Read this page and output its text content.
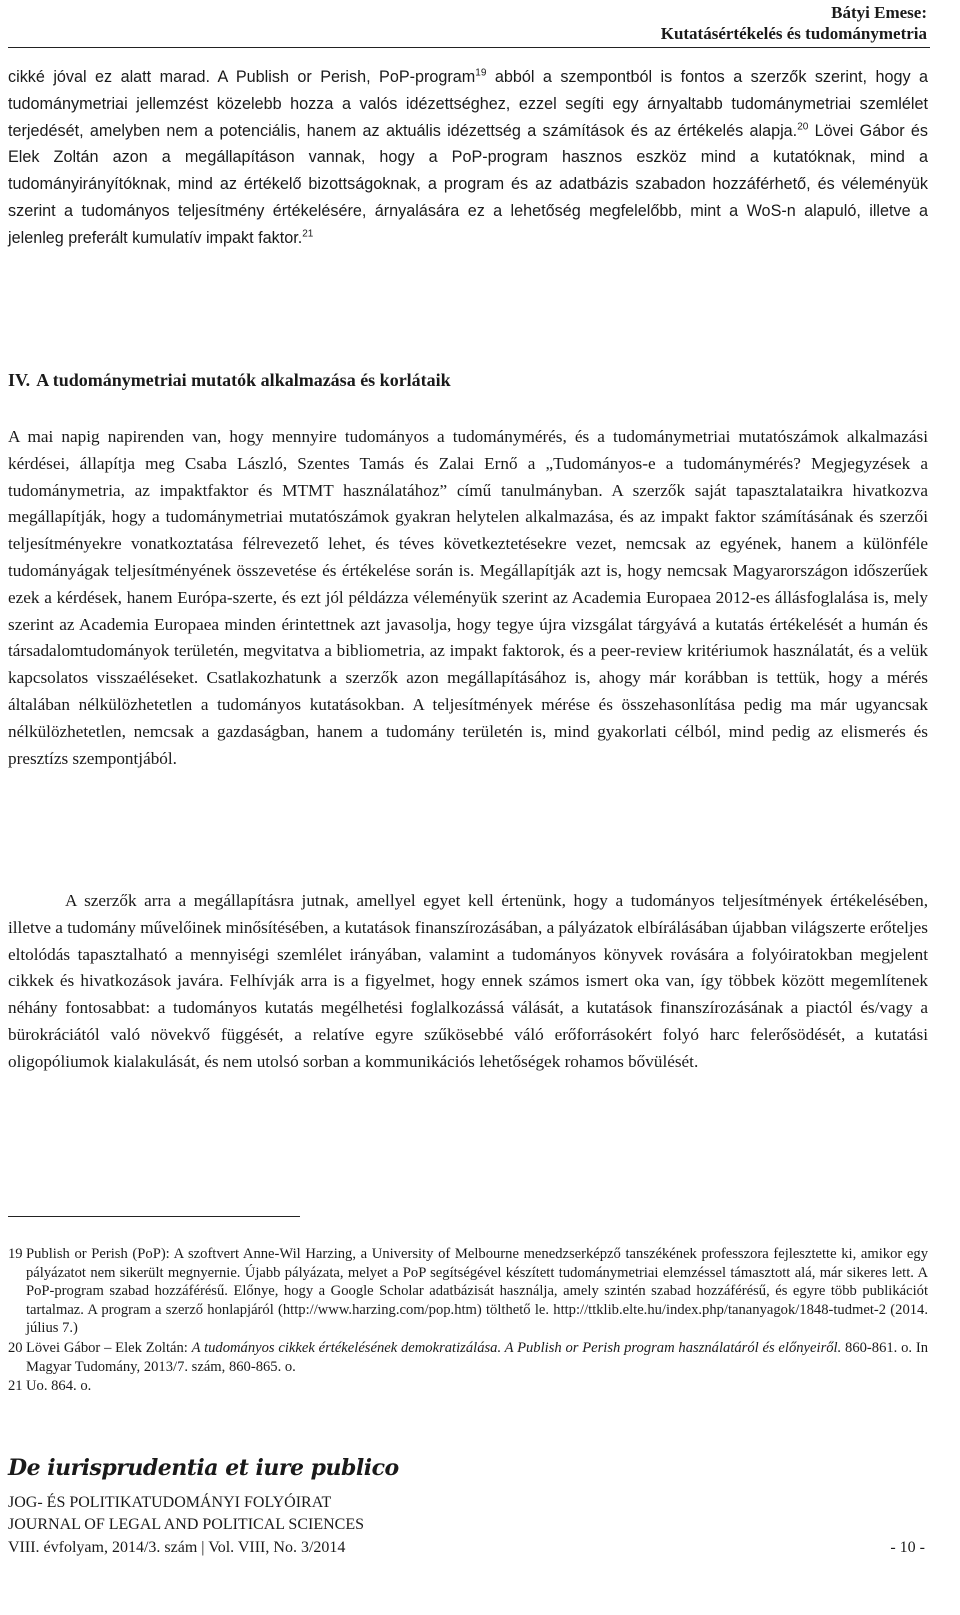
Bátyi Emese:
Kutatásértékelés és tudománymetria
cikké jóval ez alatt marad. A Publish or Perish, PoP-program$^{19}$ abból a szempontból is fontos a szerzők szerint, hogy a tudománymetriai jellemzést közelebb hozza a valós idézettséghez, ezzel segíti egy árnyaltabb tudománymetriai szemlélet terjedését, amelyben nem a potenciális, hanem az aktuális idézettség a számítások és az értékelés alapja.$^{20}$ Lövei Gábor és Elek Zoltán azon a megállapításon vannak, hogy a PoP-program hasznos eszköz mind a kutatóknak, mind a tudományirányítóknak, mind az értékelő bizottságoknak, a program és az adatbázis szabadon hozzáférhető, és véleményük szerint a tudományos teljesítmény értékelésére, árnyalására ez a lehetőség megfelelőbb, mint a WoS-n alapuló, illetve a jelenleg preferált kumulatív impakt faktor.$^{21}$
IV. A tudománymetriai mutatók alkalmazása és korlátaik

A mai napig napirenden van, hogy mennyire tudományos a tudománymérés, és a tudománymetriai mutatószámok alkalmazási kérdései, állapítja meg Csaba László, Szentes Tamás és Zalai Ernő a „Tudományos-e a tudománymérés? Megjegyzések a tudománymetria, az impaktfaktor és MTMT használatához” című tanulmányban. A szerzők saját tapasztalataikra hivatkozva megállapítják, hogy a tudománymetriai mutatószámok gyakran helytelen alkalmazása, és az impakt faktor számításának és szerzői teljesítményekre vonatkoztatása félrevezető lehet, és téves következtetésekre vezet, nemcsak az egyének, hanem a különféle tudományágak teljesítményének összevetése és értékelése során is. Megállapítják azt is, hogy nemcsak Magyarországon időszerűek ezek a kérdések, hanem Európa-szerte, és ezt jól példázza véleményük szerint az Academia Europaea 2012-es állásfoglalása is, mely szerint az Academia Europaea minden érintettnek azt javasolja, hogy tegye újra vizsgálat tárgyává a kutatás értékelését a humán és társadalomtudományok területén, megvitatva a bibliometria, az impakt faktorok, és a peer-review kritériumok használatát, és a velük kapcsolatos visszaéléseket. Csatlakozhatunk a szerzők azon megállapításához is, ahogy már korábban is tettük, hogy a mérés általában nélkülözhetetlen a tudományos kutatásokban. A teljesítmények mérése és összehasonlítása pedig ma már ugyancsak nélkülözhetetlen, nemcsak a gazdaságban, hanem a tudomány területén is, mind gyakorlati célból, mind pedig az elismerés és presztízs szempontjából.

A szerzők arra a megállapításra jutnak, amellyel egyet kell értenünk, hogy a tudományos teljesítmények értékelésében, illetve a tudomány művelőinek minősítésében, a kutatások finanszírozásában, a pályázatok elbírálásában újabban világszerte erőteljes eltolódás tapasztalható a mennyiségi szemlélet irányában, valamint a tudományos könyvek rovására a folyóiratokban megjelent cikkek és hivatkozások javára. Felhívják arra is a figyelmet, hogy ennek számos ismert oka van, így többek között megemlítenek néhány fontosabbat: a tudományos kutatás megélhetési foglalkozássá válását, a kutatások finanszírozásának a piactól és/vagy a bürokráciától való növekvő függését, a relatíve egyre szűkösebbé váló erőforrásokért folyó harc felerősödését, a kutatási oligopóliumok kialakulását, és nem utolsó sorban a kommunikációs lehetőségek rohamos bővülését.

19 Publish or Perish (PoP): A szoftvert Anne-Wil Harzing, a University of Melbourne menedzserképző tanszékének professzora fejlesztette ki, amikor egy pályázatot nem sikerült megnyernie. Újabb pályázata, melyet a PoP segítségével készített tudománymetriai elemzéssel támasztott alá, már sikeres lett. A PoP-program szabad hozzáférésű. Előnye, hogy a Google Scholar adatbázisát használja, amely szintén szabad hozzáférésű, és egyre több publikációt tartalmaz. A program a szerző honlapjáról (http://www.harzing.com/pop.htm) tölthető le. http://ttklib.elte.hu/index.php/tananyagok/1848-tudmet-2 (2014. július 7.)
20 Lövei Gábor – Elek Zoltán: A tudományos cikkek értékelésének demokratizálása. A Publish or Perish program használatáról és előnyeiről. 860-861. o. In Magyar Tudomány, 2013/7. szám, 860-865. o.
21 Uo. 864. o.
De iurisprudentia et iure publico
JOG- ÉS POLITIKATUDOMÁNYI FOLYÓIRAT
JOURNAL OF LEGAL AND POLITICAL SCIENCES
VIII. évfolyam, 2014/3. szám | Vol. VIII, No. 3/2014	- 10 -
